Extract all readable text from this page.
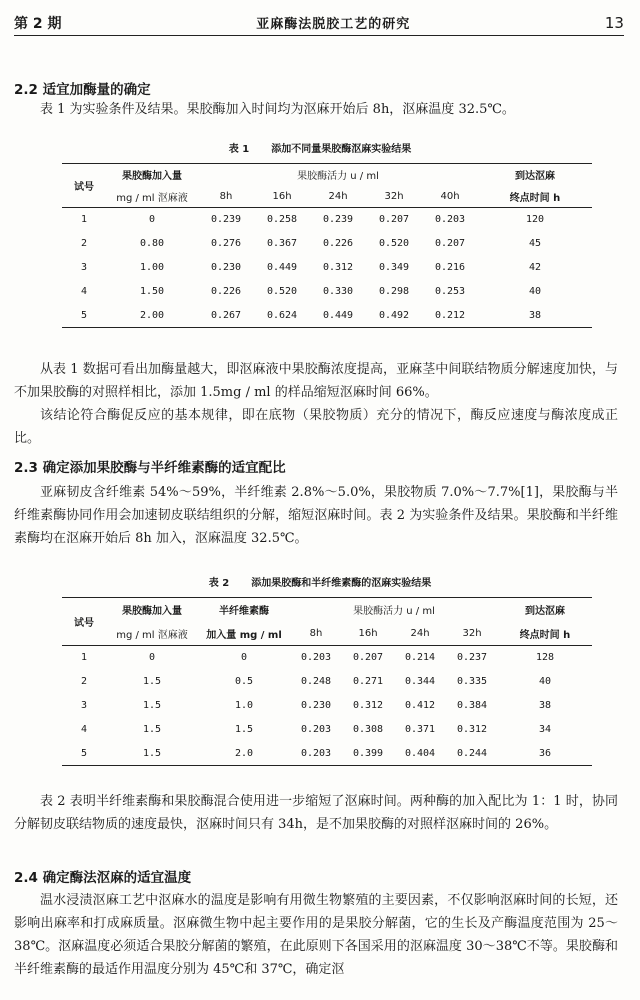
第 2 期	亚麻酶法脱胶工艺的研究	13
2.2 适宜加酶量的确定
表 1 为实验条件及结果。果胶酶加入时间均为沤麻开始后 8h，沤麻温度 32.5℃。
表 1 添加不同量果胶酶沤麻实验结果
试号	果胶酶加入量	果胶酶活力 u / ml					到达沤麻
	mg / ml 沤麻液	8h	16h	24h	32h	40h	终点时间 h
1	0	0.239	0.258	0.239	0.207	0.203	120
2	0.80	0.276	0.367	0.226	0.520	0.207	45
3	1.00	0.230	0.449	0.312	0.349	0.216	42
4	1.50	0.226	0.520	0.330	0.298	0.253	40
5	2.00	0.267	0.624	0.449	0.492	0.212	38
从表 1 数据可看出加酶量越大，即沤麻液中果胶酶浓度提高，亚麻茎中间联结物质分解速度加快，与不加果胶酶的对照样相比，添加 1.5mg / ml 的样品缩短沤麻时间 66%。
该结论符合酶促反应的基本规律，即在底物（果胶物质）充分的情况下，酶反应速度与酶浓度成正比。
2.3 确定添加果胶酶与半纤维素酶的适宜配比
亚麻韧皮含纤维素 54%～59%，半纤维素 2.8%～5.0%，果胶物质 7.0%～7.7%[1]，果胶酶与半纤维素酶协同作用会加速韧皮联结组织的分解，缩短沤麻时间。表 2 为实验条件及结果。果胶酶和半纤维素酶均在沤麻开始后 8h 加入，沤麻温度 32.5℃。
表 2 添加果胶酶和半纤维素酶的沤麻实验结果
试号	果胶酶加入量	半纤维素酶	果胶酶活力 u / ml				到达沤麻
	mg / ml 沤麻液	加入量 mg / ml	8h	16h	24h	32h	终点时间 h
1	0	0	0.203	0.207	0.214	0.237	128
2	1.5	0.5	0.248	0.271	0.344	0.335	40
3	1.5	1.0	0.230	0.312	0.412	0.384	38
4	1.5	1.5	0.203	0.308	0.371	0.312	34
5	1.5	2.0	0.203	0.399	0.404	0.244	36
表 2 表明半纤维素酶和果胶酶混合使用进一步缩短了沤麻时间。两种酶的加入配比为 1：1 时，协同分解韧皮联结物质的速度最快，沤麻时间只有 34h，是不加果胶酶的对照样沤麻时间的 26%。
2.4 确定酶法沤麻的适宜温度
温水浸渍沤麻工艺中沤麻水的温度是影响有用微生物繁殖的主要因素，不仅影响沤麻时间的长短，还影响出麻率和打成麻质量。沤麻微生物中起主要作用的是果胶分解菌，它的生长及产酶温度范围为 25～38℃。沤麻温度必须适合果胶分解菌的繁殖，在此原则下各国采用的沤麻温度 30～38℃不等。果胶酶和半纤维素酶的最适作用温度分别为 45℃和 37℃，确定沤
